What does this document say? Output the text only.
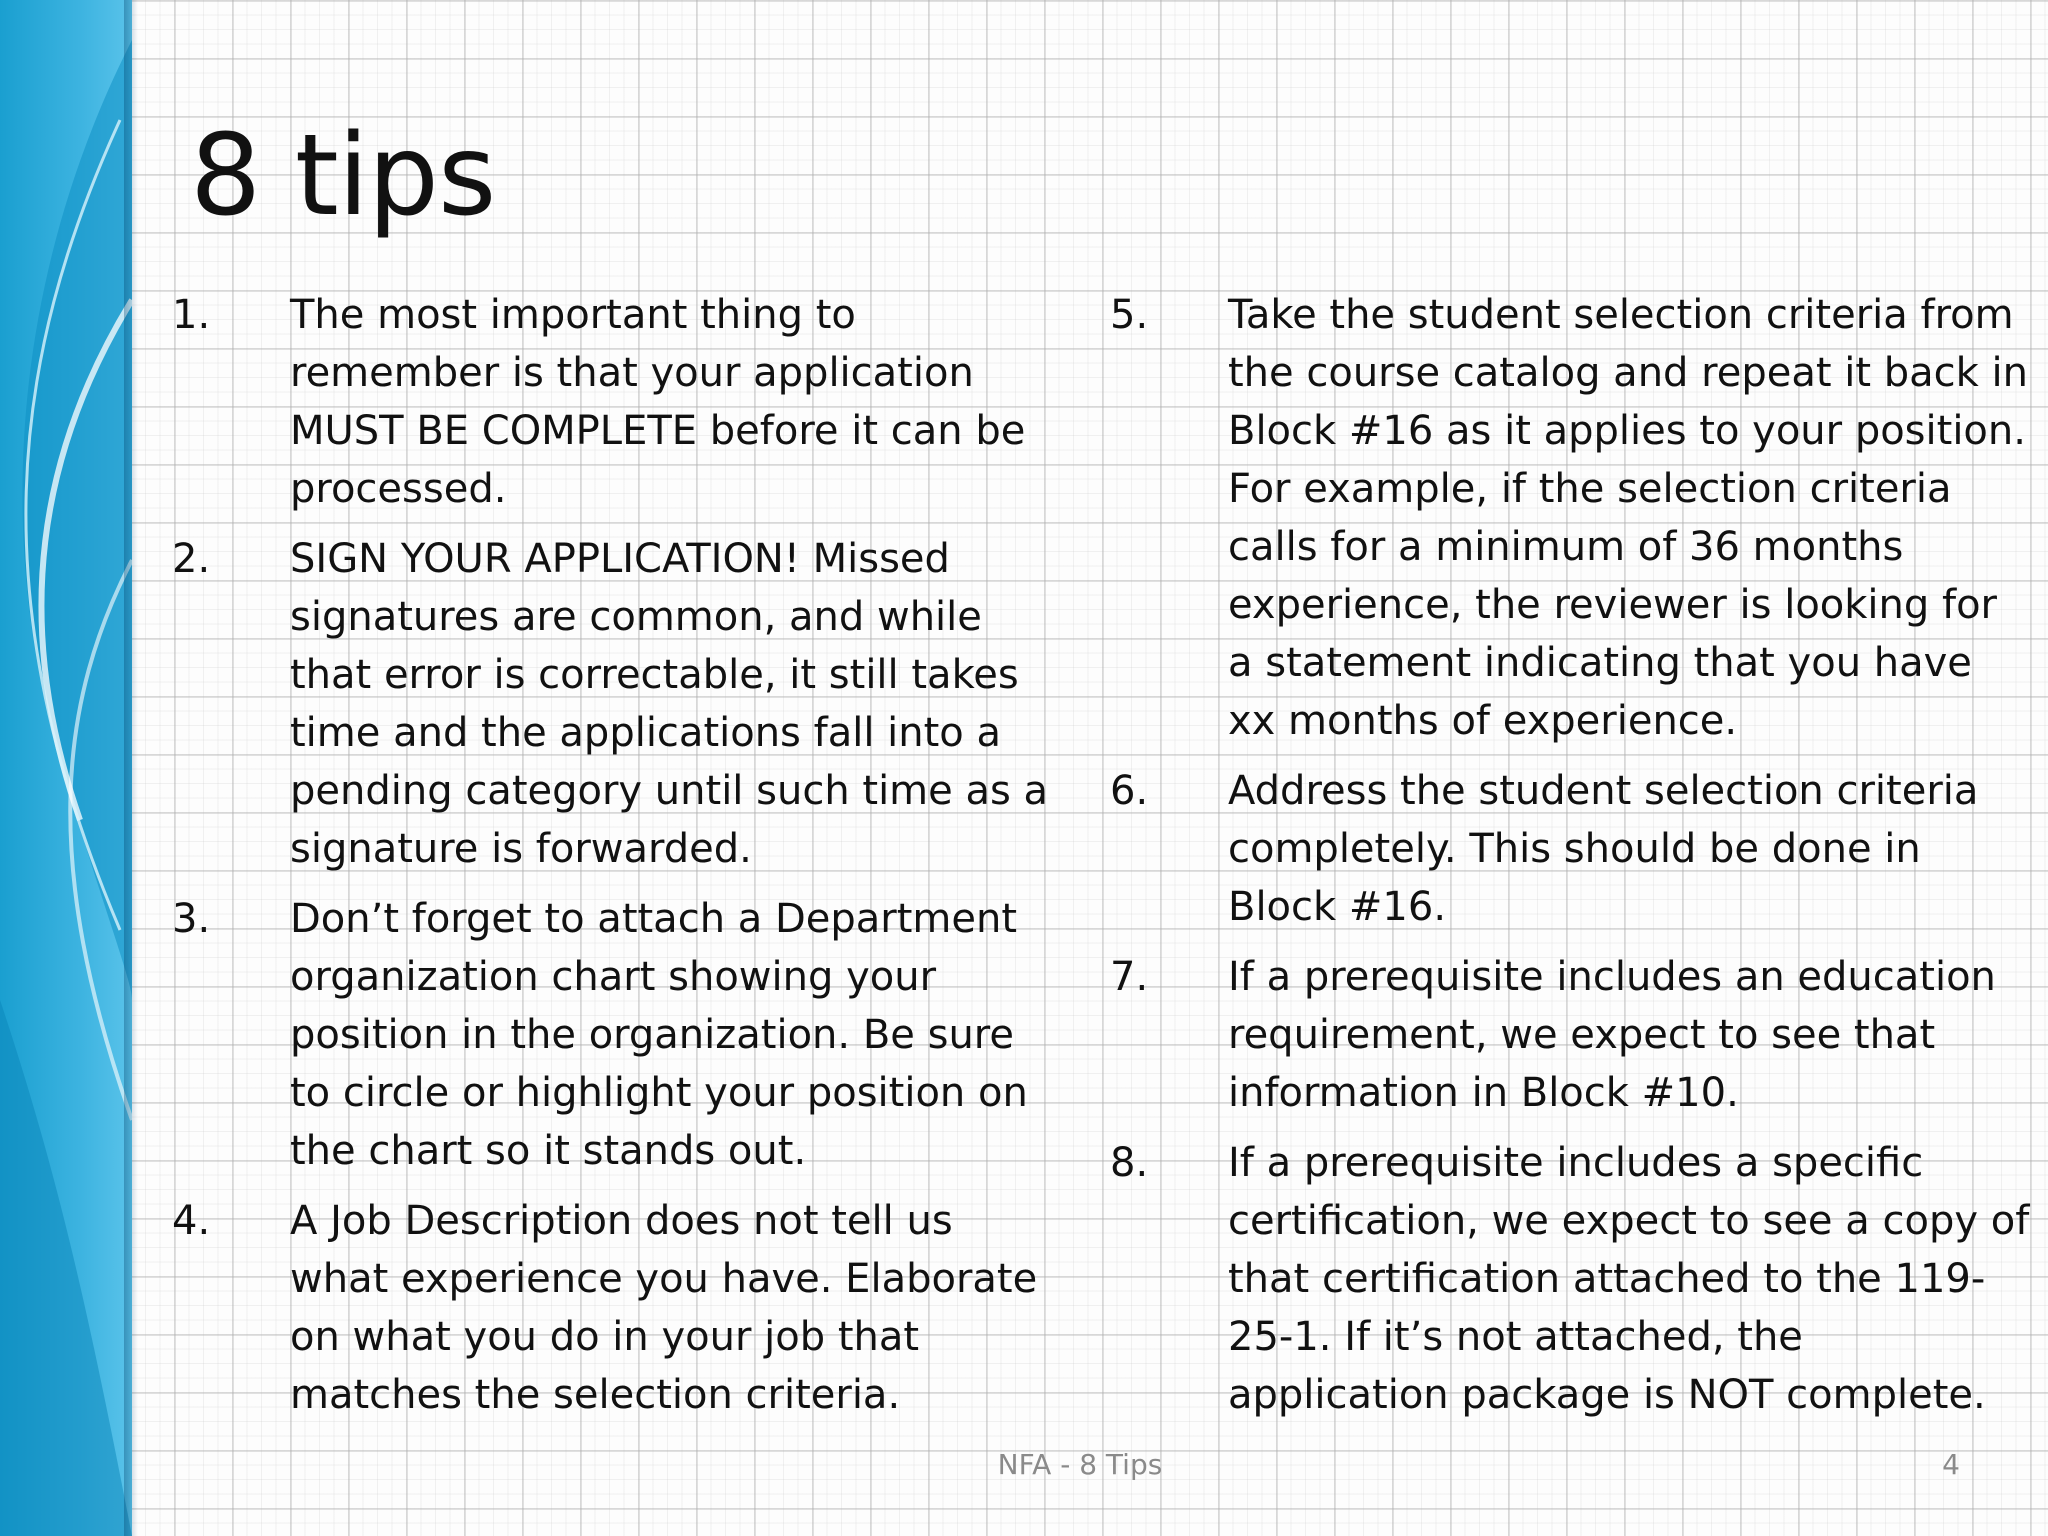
8 tips
1.	The most important thing to remember is that your application MUST BE COMPLETE before it can be processed.
2.	SIGN YOUR APPLICATION! Missed signatures are common, and while that error is correctable, it still takes time and the applications fall into a pending category until such time as a signature is forwarded.
3.	Don’t forget to attach a Department organization chart showing your position in the organization. Be sure to circle or highlight your position on the chart so it stands out.
4.	A Job Description does not tell us what experience you have. Elaborate on what you do in your job that matches the selection criteria.
5.	Take the student selection criteria from the course catalog and repeat it back in Block #16 as it applies to your position. For example, if the selection criteria calls for a minimum of 36 months experience, the reviewer is looking for a statement indicating that you have xx months of experience.
6.	Address the student selection criteria completely. This should be done in Block #16.
7.	If a prerequisite includes an education requirement, we expect to see that information in Block #10.
8.	If a prerequisite includes a specific certification, we expect to see a copy of that certification attached to the 119-25-1. If it’s not attached, the application package is NOT complete.
NFA - 8 Tips	4
